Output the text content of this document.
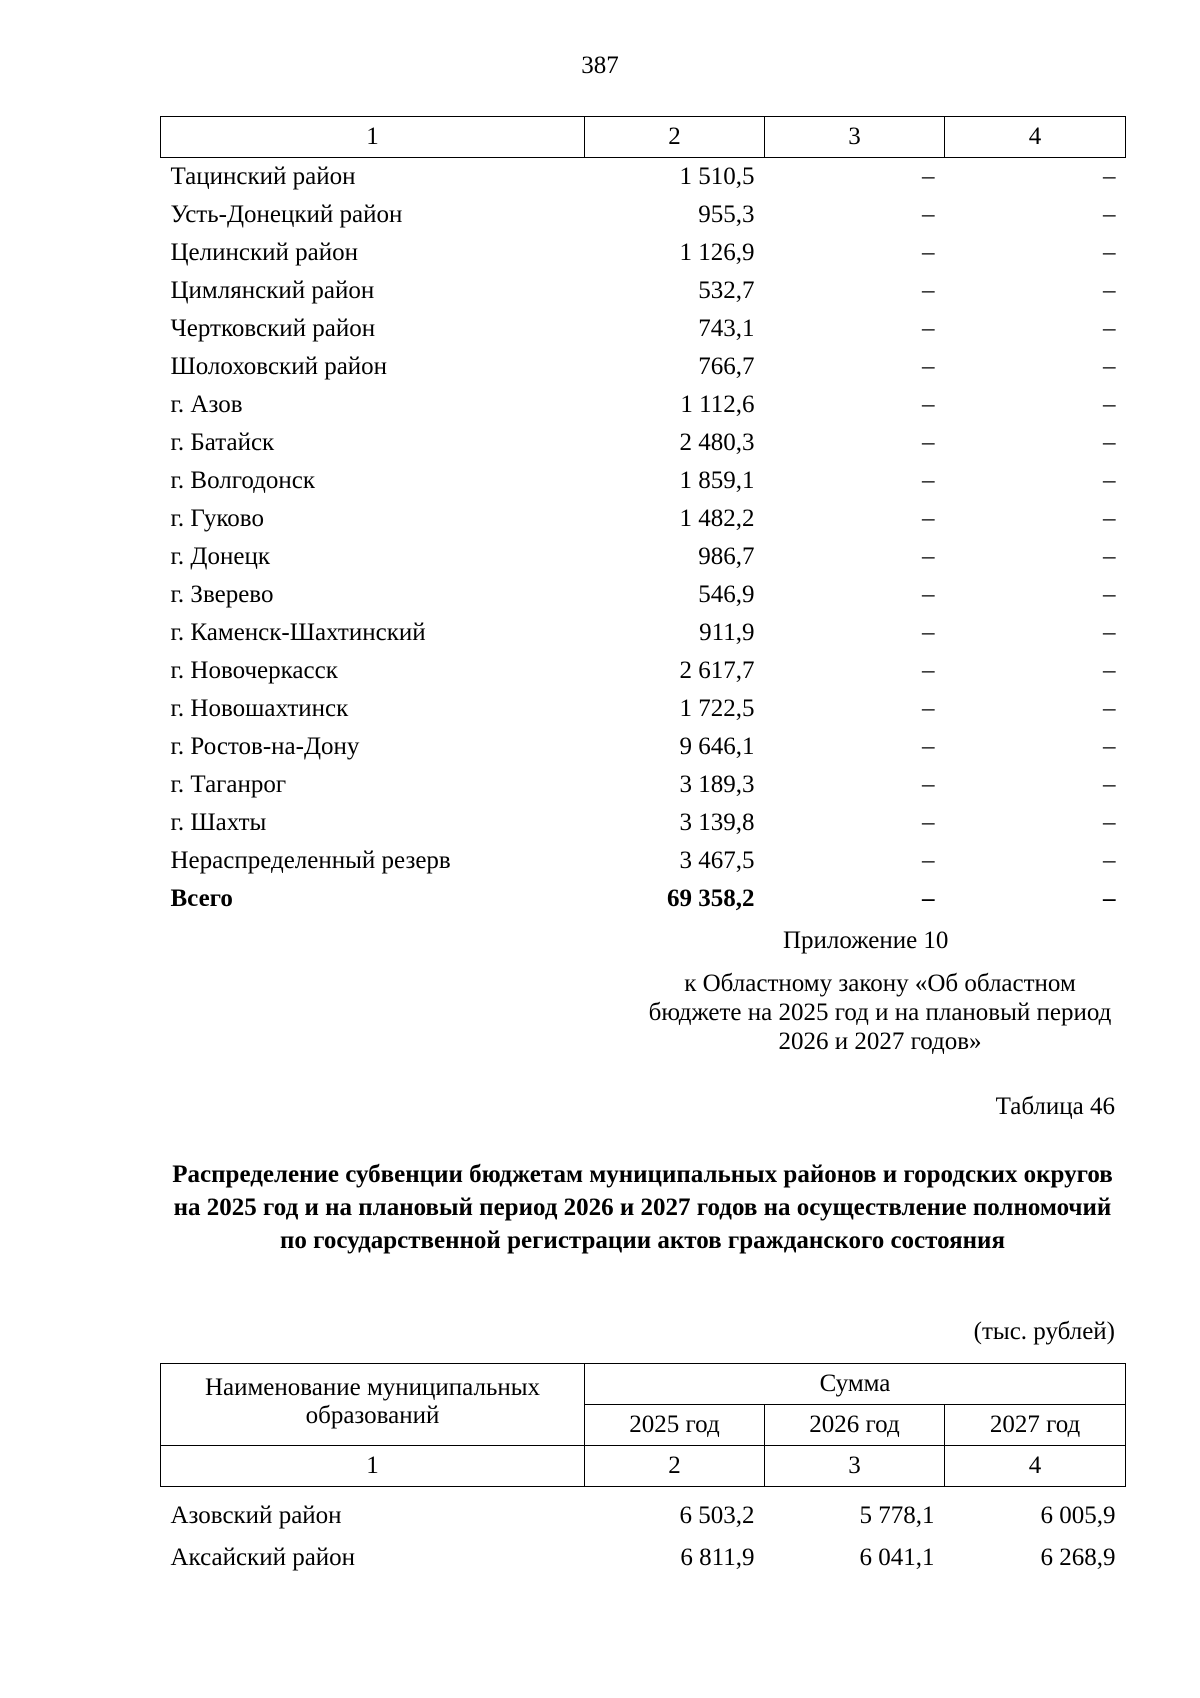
387
1	2	3	4
Тацинский район	1 510,5	–	–
Усть-Донецкий район	955,3	–	–
Целинский район	1 126,9	–	–
Цимлянский район	532,7	–	–
Чертковский район	743,1	–	–
Шолоховский район	766,7	–	–
г. Азов	1 112,6	–	–
г. Батайск	2 480,3	–	–
г. Волгодонск	1 859,1	–	–
г. Гуково	1 482,2	–	–
г. Донецк	986,7	–	–
г. Зверево	546,9	–	–
г. Каменск-Шахтинский	911,9	–	–
г. Новочеркасск	2 617,7	–	–
г. Новошахтинск	1 722,5	–	–
г. Ростов-на-Дону	9 646,1	–	–
г. Таганрог	3 189,3	–	–
г. Шахты	3 139,8	–	–
Нераспределенный резерв	3 467,5	–	–
Всего	69 358,2	–	–
Приложение 10
к Областному закону «Об областном бюджете на 2025 год и на плановый период 2026 и 2027 годов»
Таблица 46
Распределение субвенции бюджетам муниципальных районов и городских округов на 2025 год и на плановый период 2026 и 2027 годов на осуществление полномочий по государственной регистрации актов гражданского состояния
(тыс. рублей)
Наименование муниципальных образований	Сумма		
	2025 год	2026 год	2027 год
1	2	3	4
Азовский район	6 503,2	5 778,1	6 005,9
Аксайский район	6 811,9	6 041,1	6 268,9
